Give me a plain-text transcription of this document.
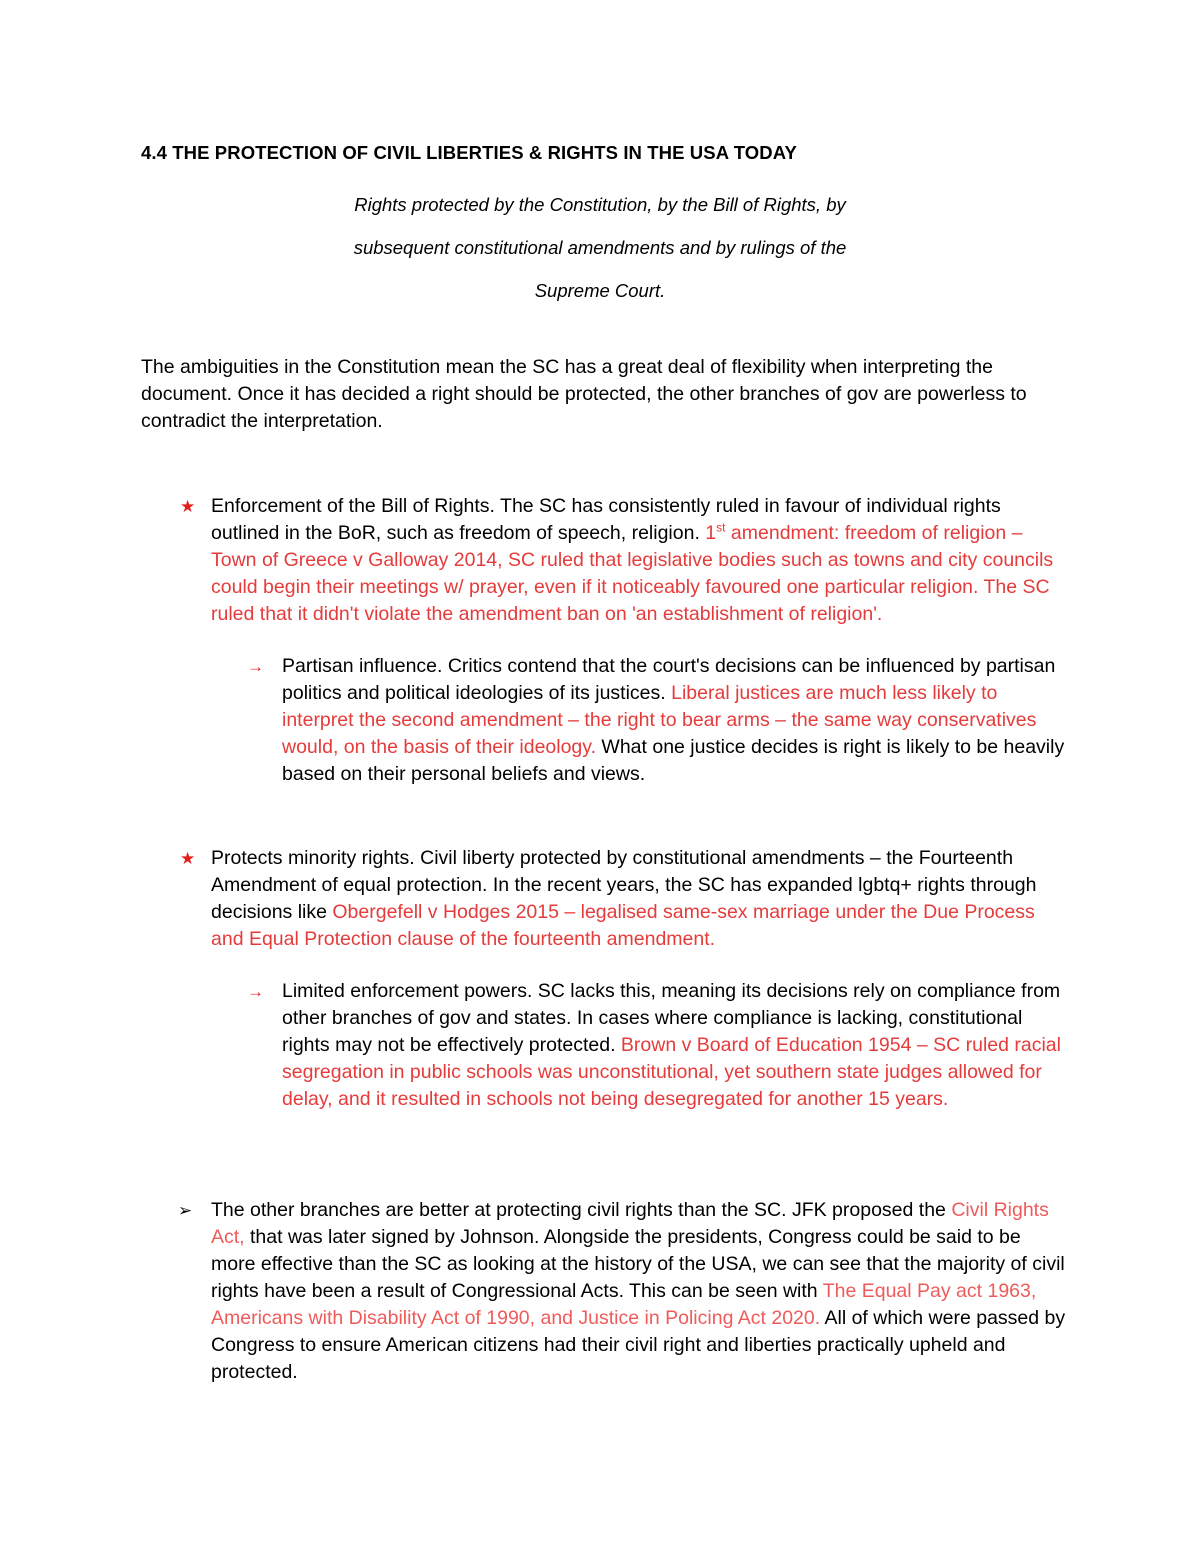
4.4 THE PROTECTION OF CIVIL LIBERTIES & RIGHTS IN THE USA TODAY
Rights protected by the Constitution, by the Bill of Rights, by
subsequent constitutional amendments and by rulings of the
Supreme Court.
The ambiguities in the Constitution mean the SC has a great deal of flexibility when interpreting the document. Once it has decided a right should be protected, the other branches of gov are powerless to contradict the interpretation.
★ Enforcement of the Bill of Rights. The SC has consistently ruled in favour of individual rights outlined in the BoR, such as freedom of speech, religion. 1st amendment: freedom of religion – Town of Greece v Galloway 2014, SC ruled that legislative bodies such as towns and city councils could begin their meetings w/ prayer, even if it noticeably favoured one particular religion. The SC ruled that it didn't violate the amendment ban on 'an establishment of religion'.
→ Partisan influence. Critics contend that the court's decisions can be influenced by partisan politics and political ideologies of its justices. Liberal justices are much less likely to interpret the second amendment – the right to bear arms – the same way conservatives would, on the basis of their ideology. What one justice decides is right is likely to be heavily based on their personal beliefs and views.
★ Protects minority rights. Civil liberty protected by constitutional amendments – the Fourteenth Amendment of equal protection. In the recent years, the SC has expanded lgbtq+ rights through decisions like Obergefell v Hodges 2015 – legalised same-sex marriage under the Due Process and Equal Protection clause of the fourteenth amendment.
→ Limited enforcement powers. SC lacks this, meaning its decisions rely on compliance from other branches of gov and states. In cases where compliance is lacking, constitutional rights may not be effectively protected. Brown v Board of Education 1954 – SC ruled racial segregation in public schools was unconstitutional, yet southern state judges allowed for delay, and it resulted in schools not being desegregated for another 15 years.
➢ The other branches are better at protecting civil rights than the SC. JFK proposed the Civil Rights Act, that was later signed by Johnson. Alongside the presidents, Congress could be said to be more effective than the SC as looking at the history of the USA, we can see that the majority of civil rights have been a result of Congressional Acts. This can be seen with The Equal Pay act 1963, Americans with Disability Act of 1990, and Justice in Policing Act 2020. All of which were passed by Congress to ensure American citizens had their civil right and liberties practically upheld and protected.
